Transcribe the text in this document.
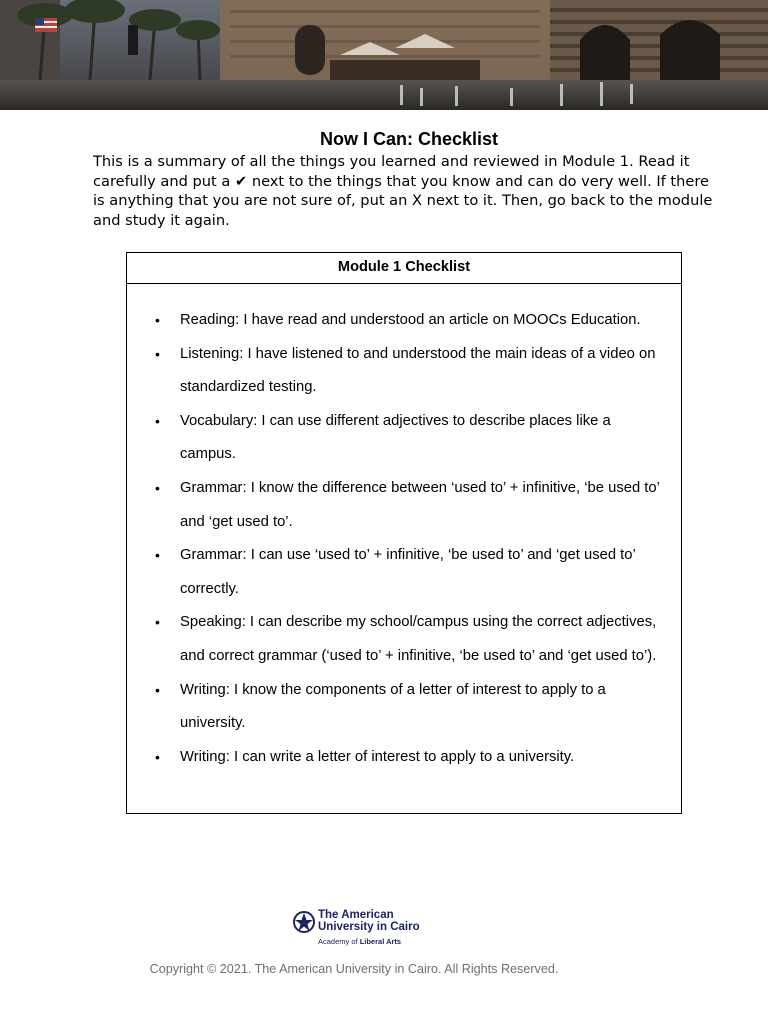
Now I Can: Checklist

This is a summary of all the things you learned and reviewed in Module 1. Read it carefully and put a ✔ next to the things that you know and can do very well. If there is anything that you are not sure of, put an X next to it. Then, go back to the module and study it again.

Module 1 Checklist
• Reading: I have read and understood an article on MOOCs Education.
• Listening: I have listened to and understood the main ideas of a video on standardized testing.
• Vocabulary: I can use different adjectives to describe places like a campus.
• Grammar: I know the difference between ‘used to’ + infinitive, ‘be used to’ and ‘get used to’.
• Grammar: I can use ‘used to’ + infinitive, ‘be used to’ and ‘get used to’ correctly.
• Speaking: I can describe my school/campus using the correct adjectives, and correct grammar (‘used to’ + infinitive, ‘be used to’ and ‘get used to’).
• Writing: I know the components of a letter of interest to apply to a university.
• Writing: I can write a letter of interest to apply to a university.
The American
University in Cairo
Academy of Liberal Arts

Copyright © 2021. The American University in Cairo. All Rights Reserved.
